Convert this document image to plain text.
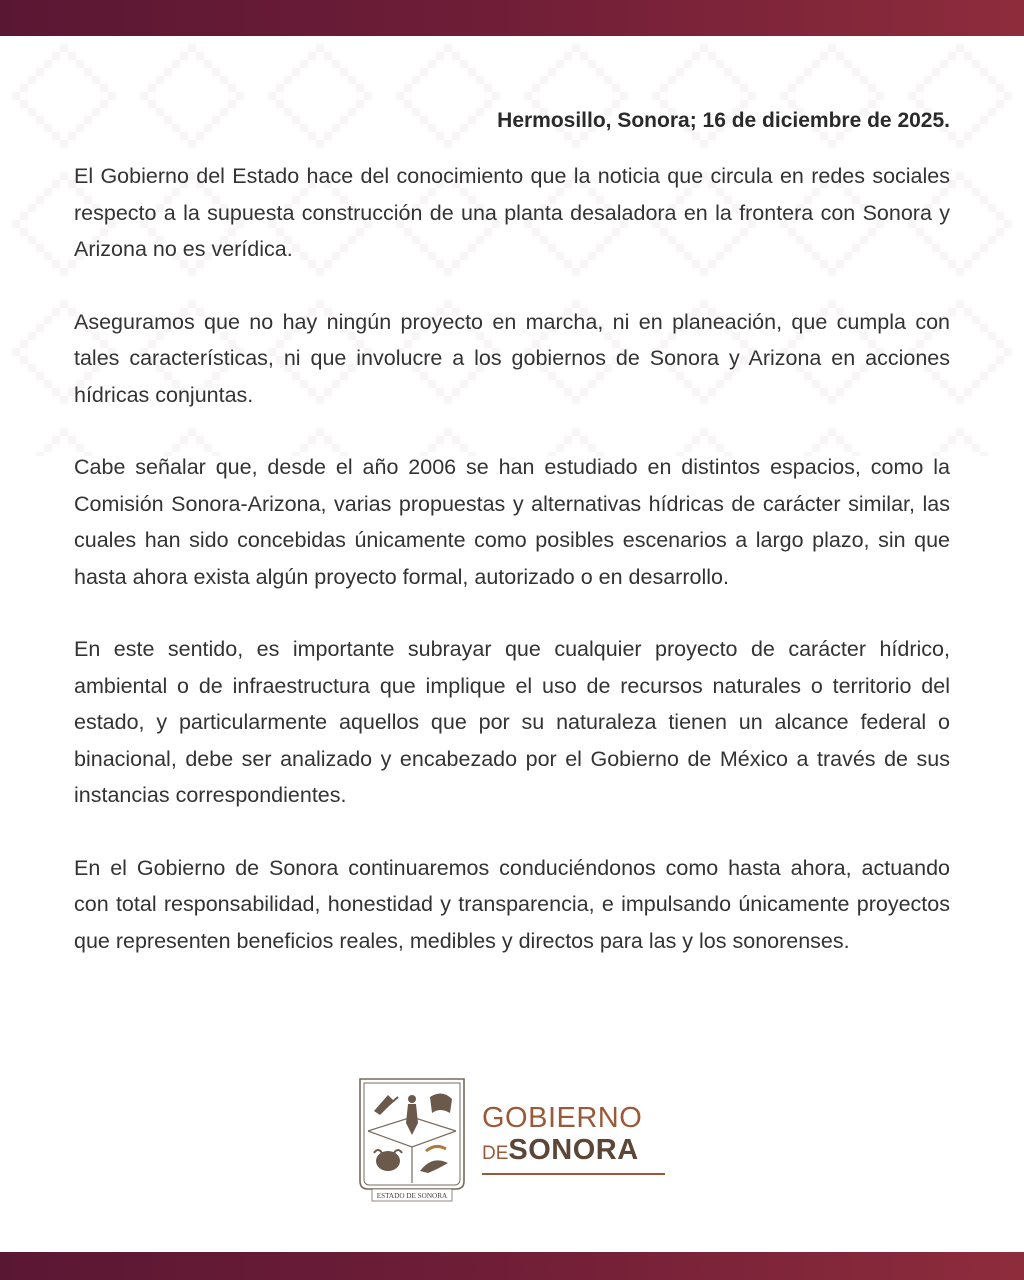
Hermosillo, Sonora; 16 de diciembre de 2025.

El Gobierno del Estado hace del conocimiento que la noticia que circula en redes sociales respecto a la supuesta construcción de una planta desaladora en la frontera con Sonora y Arizona no es verídica.

Aseguramos que no hay ningún proyecto en marcha, ni en planeación, que cumpla con tales características, ni que involucre a los gobiernos de Sonora y Arizona en acciones hídricas conjuntas.

Cabe señalar que, desde el año 2006 se han estudiado en distintos espacios, como la Comisión Sonora-Arizona, varias propuestas y alternativas hídricas de carácter similar, las cuales han sido concebidas únicamente como posibles escenarios a largo plazo, sin que hasta ahora exista algún proyecto formal, autorizado o en desarrollo.

En este sentido, es importante subrayar que cualquier proyecto de carácter hídrico, ambiental o de infraestructura que implique el uso de recursos naturales o territorio del estado, y particularmente aquellos que por su naturaleza tienen un alcance federal o binacional, debe ser analizado y encabezado por el Gobierno de México a través de sus instancias correspondientes.

En el Gobierno de Sonora continuaremos conduciéndonos como hasta ahora, actuando con total responsabilidad, honestidad y transparencia, e impulsando únicamente proyectos que representen beneficios reales, medibles y directos para las y los sonorenses.

ESTADO DE SONORA
GOBIERNO
DESONORA
